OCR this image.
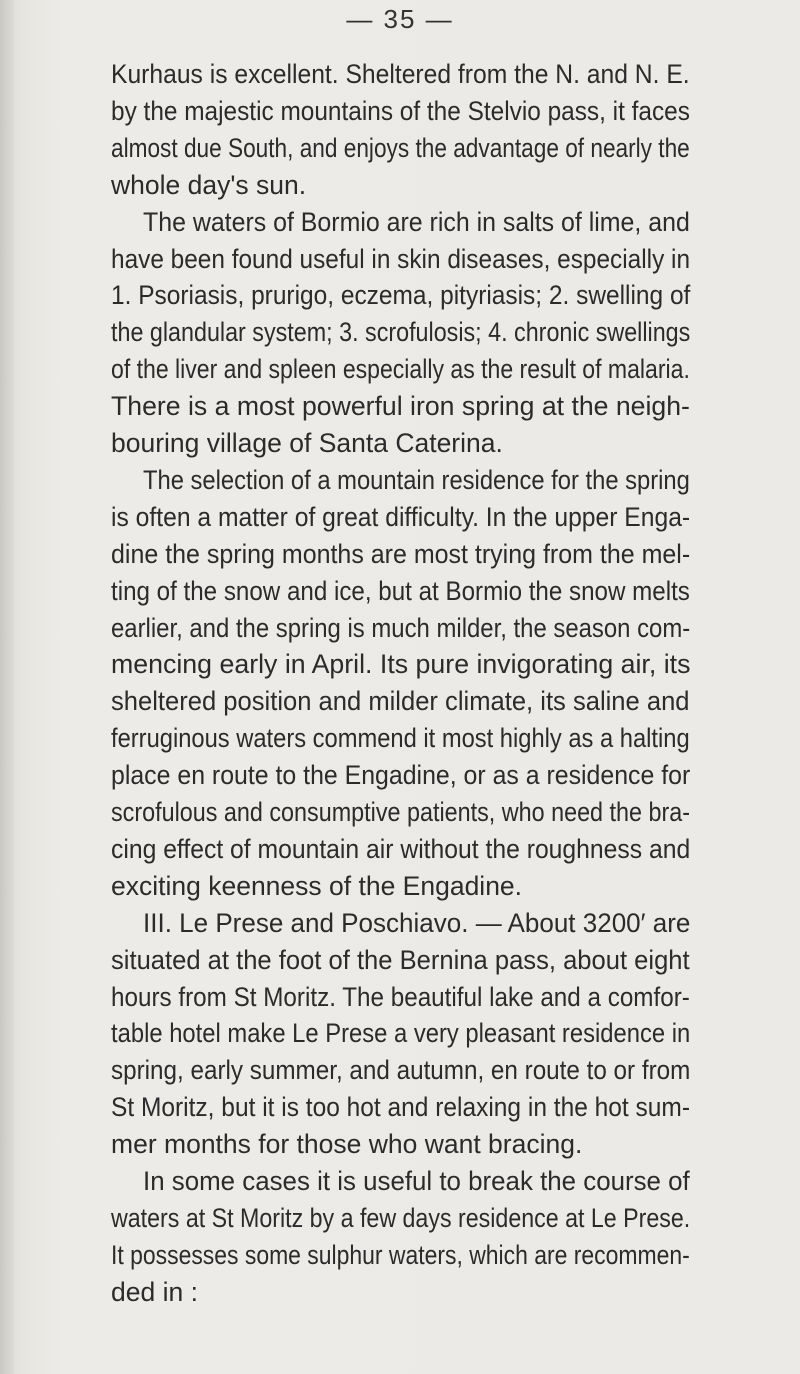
— 35 —
Kurhaus is excellent. Sheltered from the N. and N. E.
by the majestic mountains of the Stelvio pass, it faces
almost due South, and enjoys the advantage of nearly the
whole day's sun.
The waters of Bormio are rich in salts of lime, and
have been found useful in skin diseases, especially in
1. Psoriasis, prurigo, eczema, pityriasis; 2. swelling of
the glandular system; 3. scrofulosis; 4. chronic swellings
of the liver and spleen especially as the result of malaria.
There is a most powerful iron spring at the neigh-
bouring village of Santa Caterina.
The selection of a mountain residence for the spring
is often a matter of great difficulty. In the upper Enga-
dine the spring months are most trying from the mel-
ting of the snow and ice, but at Bormio the snow melts
earlier, and the spring is much milder, the season com-
mencing early in April. Its pure invigorating air, its
sheltered position and milder climate, its saline and
ferruginous waters commend it most highly as a halting
place en route to the Engadine, or as a residence for
scrofulous and consumptive patients, who need the bra-
cing effect of mountain air without the roughness and
exciting keenness of the Engadine.
III. Le Prese and Poschiavo. — About 3200′ are
situated at the foot of the Bernina pass, about eight
hours from St Moritz. The beautiful lake and a comfor-
table hotel make Le Prese a very pleasant residence in
spring, early summer, and autumn, en route to or from
St Moritz, but it is too hot and relaxing in the hot sum-
mer months for those who want bracing.
In some cases it is useful to break the course of
waters at St Moritz by a few days residence at Le Prese.
It possesses some sulphur waters, which are recommen-
ded in :
